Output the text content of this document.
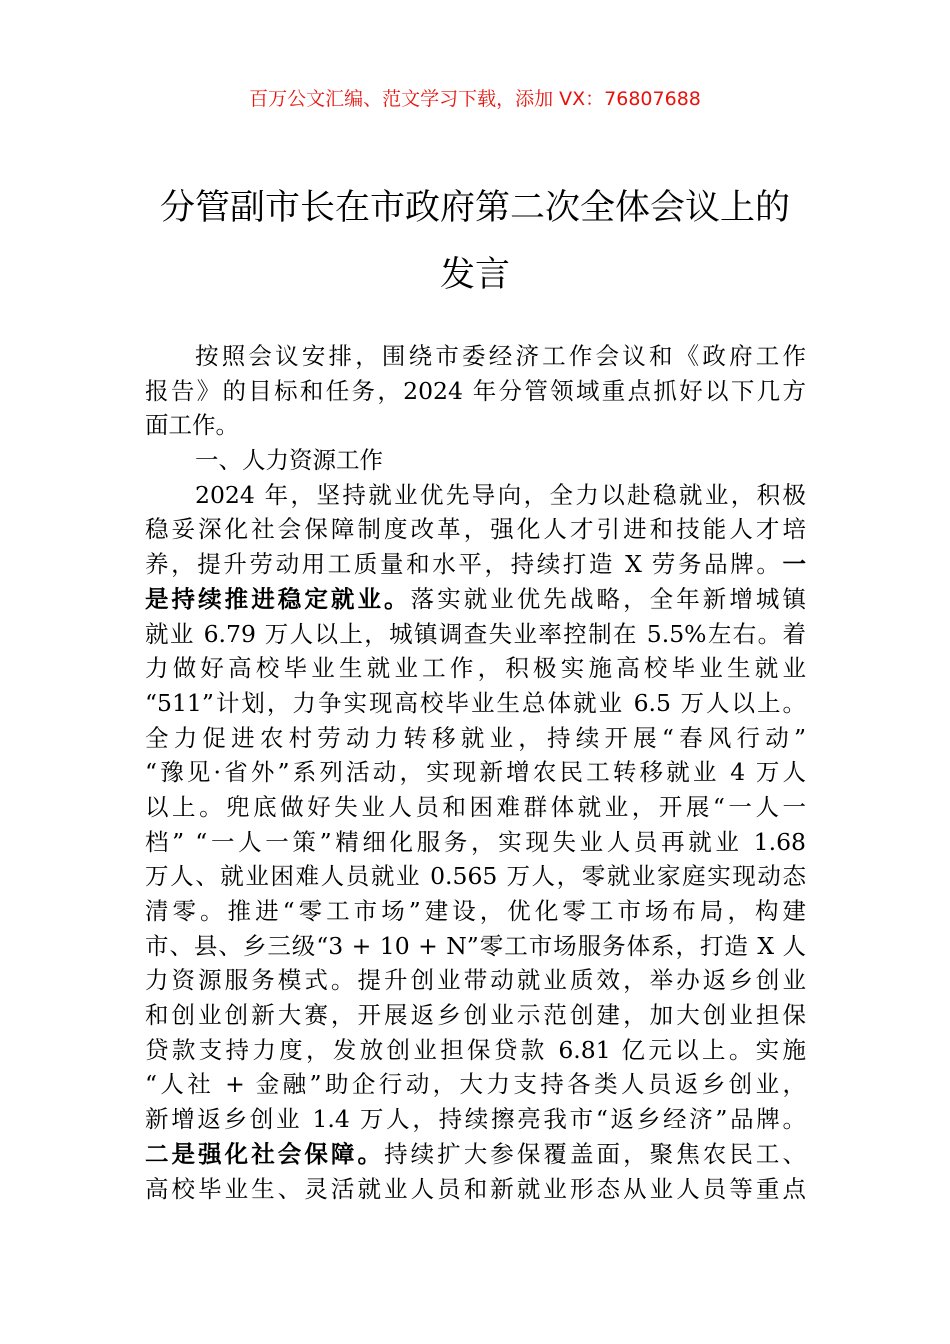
百万公文汇编、范文学习下载，添加 VX：76807688
分管副市长在市政府第二次全体会议上的
发言
按照会议安排，围绕市委经济工作会议和《政府工作
报告》的目标和任务，2024 年分管领域重点抓好以下几方
面工作。
一、人力资源工作
2024 年，坚持就业优先导向，全力以赴稳就业，积极
稳妥深化社会保障制度改革，强化人才引进和技能人才培
养，提升劳动用工质量和水平，持续打造 X 劳务品牌。一
是持续推进稳定就业。落实就业优先战略，全年新增城镇
就业 6.79 万人以上，城镇调查失业率控制在 5.5%左右。着
力做好高校毕业生就业工作，积极实施高校毕业生就业
“511”计划，力争实现高校毕业生总体就业 6.5 万人以上。
全力促进农村劳动力转移就业，持续开展“春风行动”
“豫见·省外”系列活动，实现新增农民工转移就业 4 万人
以上。兜底做好失业人员和困难群体就业，开展“一人一
档” “一人一策”精细化服务，实现失业人员再就业 1.68
万人、就业困难人员就业 0.565 万人，零就业家庭实现动态
清零。推进“零工市场”建设，优化零工市场布局，构建
市、县、乡三级“3 + 10 + N”零工市场服务体系，打造 X 人
力资源服务模式。提升创业带动就业质效，举办返乡创业
和创业创新大赛，开展返乡创业示范创建，加大创业担保
贷款支持力度，发放创业担保贷款 6.81 亿元以上。实施
“人社 + 金融”助企行动，大力支持各类人员返乡创业，
新增返乡创业 1.4 万人，持续擦亮我市“返乡经济”品牌。
二是强化社会保障。持续扩大参保覆盖面，聚焦农民工、
高校毕业生、灵活就业人员和新就业形态从业人员等重点
